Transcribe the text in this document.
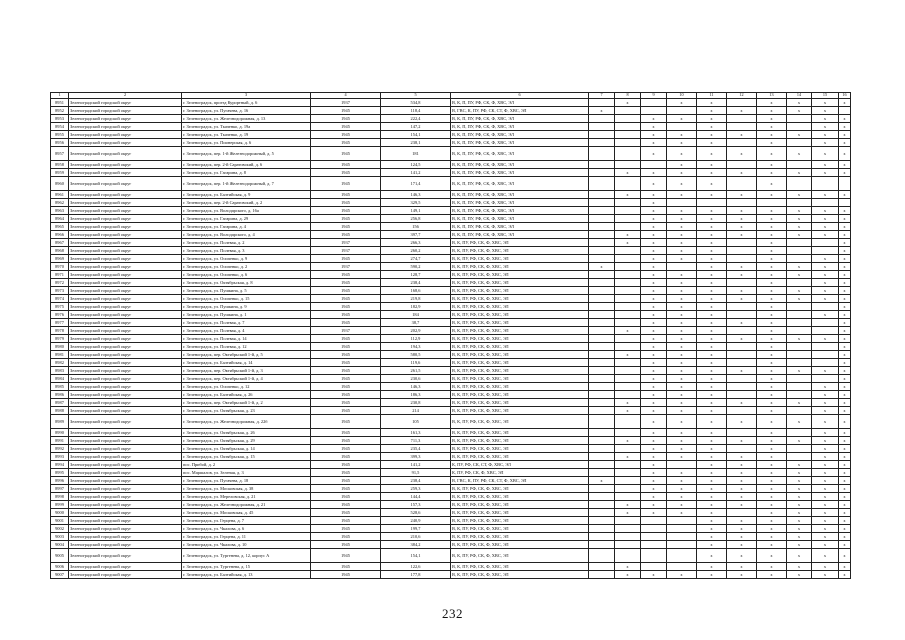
1	2	3	4	5	6	7	8	9	10	11	12	13	14	15	16
8951	Зеленоградский городской округ	г. Зеленоградск, проезд Курортный, д. 6	1937	534,8	В, К, П, ПУ, РФ, СК, Ф, ХВС, ЭЛ		x		x	x		x	x	x	x
8952	Зеленоградский городской округ	г. Зеленоградск, ул. Пугачева, д. 16	1945	118,4	В, ГВС, К, ПУ, РФ, СК, СТ, Ф, ХВС, ЭЛ	x				x	x	x	x	x	
8953	Зеленоградский городской округ	г. Зеленоградск, ул. Железнодорожная, д. 13	1945	222,4	В, К, П, ПУ, РФ, СК, Ф, ХВС, ЭЛ			x	x	x		x		x	x
8954	Зеленоградский городской округ	г. Зеленоградск, ул. Ткаченко, д. 19а	1945	147,2	В, К, П, ПУ, РФ, СК, Ф, ХВС, ЭЛ			x		x		x		x	x
8955	Зеленоградский городской округ	г. Зеленоградск, ул. Ткаченко, д. 19	1945	154,1	В, К, П, ПУ, РФ, СК, Ф, ХВС, ЭЛ			x	x	x	x	x	x	x	x
8956	Зеленоградский городской округ	г. Зеленоградск, ул. Пионерская, д. 6	1945	238,1	В, К, П, ПУ, РФ, СК, Ф, ХВС, ЭЛ			x	x	x		x		x	x
8957	Зеленоградский городской округ	г. Зеленоградск, пер. 1-й Железнодорожный, д. 5	1945	181	В, К, П, ПУ, РФ, СК, Ф, ХВС, ЭЛ			x	x	x	x	x	x	x	x
8958	Зеленоградский городской округ	г. Зеленоградск, пер. 2-й Саратовский, д. 6	1945	124,5	В, К, П, ПУ, РФ, СК, Ф, ХВС, ЭЛ				x	x		x		x	x
8959	Зеленоградский городской округ	г. Зеленоградск, ул. Гагарина, д. 8	1945	141,2	В, К, П, ПУ, РФ, СК, Ф, ХВС, ЭЛ		x	x	x	x	x	x	x	x	x
8960	Зеленоградский городской округ	г. Зеленоградск, пер. 1-й Железнодорожный, д. 7	1945	171,4	В, К, П, ПУ, РФ, СК, Ф, ХВС, ЭЛ			x	x	x		x			
8961	Зеленоградский городской округ	г. Зеленоградск, ул. Балтийская, д. 9	1945	146,3	В, К, П, ПУ, РФ, СК, Ф, ХВС, ЭЛ		x	x	x	x	x	x	x	x	x
8962	Зеленоградский городской округ	г. Зеленоградск, пер. 2-й Саратовский, д. 2	1945	329,5	В, К, П, ПУ, РФ, СК, Ф, ХВС, ЭЛ			x							
8963	Зеленоградский городской округ	г. Зеленоградск, ул. Володарского, д. 16а	1945	149,1	В, К, П, ПУ, РФ, СК, Ф, ХВС, ЭЛ			x	x	x	x	x	x	x	x
8964	Зеленоградский городской округ	г. Зеленоградск, ул. Гагарина, д. 29	1945	256,8	В, К, П, ПУ, РФ, СК, Ф, ХВС, ЭЛ			x	x	x	x	x	x	x	x
8965	Зеленоградский городской округ	г. Зеленоградск, ул. Гагарина, д. 4	1945	156	В, К, П, ПУ, РФ, СК, Ф, ХВС, ЭЛ			x	x	x	x	x	x	x	x
8966	Зеленоградский городской округ	г. Зеленоградск, ул. Володарского, д. 4	1945	397,7	В, К, П, ПУ, РФ, СК, Ф, ХВС, ЭЛ		x	x	x	x	x	x	x	x	x
8967	Зеленоградский городской округ	г. Зеленоградск, ул. Полевая, д. 2	1937	266,3	В, К, ПУ, РФ, СК, Ф, ХВС, ЭЛ		x	x	x	x		x			x
8968	Зеленоградский городской округ	г. Зеленоградск, ул. Полевая, д. 3	1937	260,2	В, К, ПУ, РФ, СК, Ф, ХВС, ЭЛ			x	x	x		x			x
8969	Зеленоградский городской округ	г. Зеленоградск, ул. Осипенко, д. 9	1945	274,7	В, К, ПУ, РФ, СК, Ф, ХВС, ЭЛ			x	x	x		x		x	x
8970	Зеленоградский городской округ	г. Зеленоградск, ул. Осипенко, д. 2	1937	590,2	В, К, ПУ, РФ, СК, Ф, ХВС, ЭЛ	x		x		x	x	x	x	x	x
8971	Зеленоградский городской округ	г. Зеленоградск, ул. Осипенко, д. 6	1945	128,7	В, К, ПУ, РФ, СК, Ф, ХВС, ЭЛ			x	x	x	x	x	x	x	x
8972	Зеленоградский городской округ	г. Зеленоградск, ул. Октябрьская, д. 8	1945	238,4	В, К, ПУ, РФ, СК, Ф, ХВС, ЭЛ			x	x	x		x		x	x
8973	Зеленоградский городской округ	г. Зеленоградск, ул. Пушкина, д. 5	1945	168,6	В, К, ПУ, РФ, СК, Ф, ХВС, ЭЛ			x	x	x	x	x	x	x	x
8974	Зеленоградский городской округ	г. Зеленоградск, ул. Осипенко, д. 15	1945	219,8	В, К, ПУ, РФ, СК, Ф, ХВС, ЭЛ			x	x	x	x	x	x	x	x
8975	Зеленоградский городской округ	г. Зеленоградск, ул. Пушкина, д. 9	1945	182,9	В, К, ПУ, РФ, СК, Ф, ХВС, ЭЛ			x	x	x		x			x
8976	Зеленоградский городской округ	г. Зеленоградск, ул. Пушкина, д. 1	1945	184	В, К, ПУ, РФ, СК, Ф, ХВС, ЭЛ			x	x	x		x		x	x
8977	Зеленоградский городской округ	г. Зеленоградск, ул. Полевая, д. 7	1945	38,7	В, К, ПУ, РФ, СК, Ф, ХВС, ЭЛ			x	x	x	x	x			x
8978	Зеленоградский городской округ	г. Зеленоградск, ул. Полевая, д. 4	1937	202,9	В, К, ПУ, РФ, СК, Ф, ХВС, ЭЛ		x	x	x	x		x			x
8979	Зеленоградский городской округ	г. Зеленоградск, ул. Полевая, д. 14	1945	112,9	В, К, ПУ, РФ, СК, Ф, ХВС, ЭЛ			x	x	x	x	x	x	x	x
8980	Зеленоградский городской округ	г. Зеленоградск, ул. Полевая, д. 12	1945	194,3	В, К, ПУ, РФ, СК, Ф, ХВС, ЭЛ			x	x	x		x			x
8981	Зеленоградский городской округ	г. Зеленоградск, пер. Октябрьский 1-й, д. 5	1945	580,5	В, К, ПУ, РФ, СК, Ф, ХВС, ЭЛ		x	x	x	x		x			x
8982	Зеленоградский городской округ	г. Зеленоградск, ул. Балтийская, д. 14	1945	119,6	В, К, ПУ, РФ, СК, Ф, ХВС, ЭЛ			x	x	x		x			x
8983	Зеленоградский городской округ	г. Зеленоградск, пер. Октябрьский 1-й, д. 3	1945	261,5	В, К, ПУ, РФ, СК, Ф, ХВС, ЭЛ			x	x	x	x	x	x	x	x
8984	Зеленоградский городской округ	г. Зеленоградск, пер. Октябрьский 1-й, д. 4	1945	230,6	В, К, ПУ, РФ, СК, Ф, ХВС, ЭЛ			x	x	x		x			x
8985	Зеленоградский городской округ	г. Зеленоградск, ул. Осипенко, д. 12	1945	146,3	В, К, ПУ, РФ, СК, Ф, ХВС, ЭЛ			x	x	x		x		x	x
8986	Зеленоградский городской округ	г. Зеленоградск, ул. Балтийская, д. 26	1945	186,3	В, К, ПУ, РФ, СК, Ф, ХВС, ЭЛ			x	x	x		x		x	x
8987	Зеленоградский городской округ	г. Зеленоградск, пер. Октябрьский 1-й, д. 2	1945	230,8	В, К, ПУ, РФ, СК, Ф, ХВС, ЭЛ		x	x	x	x	x	x	x	x	x
8988	Зеленоградский городской округ	г. Зеленоградск, ул. Октябрьская, д. 23	1945	214	В, К, ПУ, РФ, СК, Ф, ХВС, ЭЛ		x	x	x	x		x		x	x
8989	Зеленоградский городской округ	г. Зеленоградск, ул. Железнодорожная, д. 22б	1945	105	В, К, ПУ, РФ, СК, Ф, ХВС, ЭЛ			x	x	x	x	x	x	x	x
8990	Зеленоградский городской округ	г. Зеленоградск, ул. Октябрьская, д. 26	1945	161,3	В, К, ПУ, РФ, СК, Ф, ХВС, ЭЛ			x	x	x		x		x	x
8991	Зеленоградский городской округ	г. Зеленоградск, ул. Октябрьская, д. 29	1945	711,3	В, К, ПУ, РФ, СК, Ф, ХВС, ЭЛ		x	x	x	x	x	x	x	x	x
8992	Зеленоградский городской округ	г. Зеленоградск, ул. Октябрьская, д. 14	1945	235,4	В, К, ПУ, РФ, СК, Ф, ХВС, ЭЛ			x	x	x		x		x	x
8993	Зеленоградский городской округ	г. Зеленоградск, ул. Октябрьская, д. 15	1945	399,3	В, К, ПУ, РФ, СК, Ф, ХВС, ЭЛ		x	x	x	x	x	x		x	x
8994	Зеленоградский городской округ	пос. Прибой, д. 2	1945	141,2	К, ПУ, РФ, СК, СТ, Ф, ХВС, ЭЛ			x		x	x	x	x	x	x
8995	Зеленоградский городской округ	пос. Маршалов, ул. Зеленая, д. 3	1945	91,5	К, ПУ, РФ, СК, Ф, ХВС, ЭЛ			x	x	x	x	x	x	x	x
8996	Зеленоградский городской округ	г. Зеленоградск, ул. Пугачева, д. 18	1945	238,4	В, ГВС, К, ПУ, РФ, СК, СТ, Ф, ХВС, ЭЛ	x		x	x	x	x	x	x	x	x
8997	Зеленоградский городской округ	г. Зеленоградск, ул. Московская, д. 38	1945	259,3	В, К, ПУ, РФ, СК, Ф, ХВС, ЭЛ			x	x	x	x	x	x	x	x
8998	Зеленоградский городской округ	г. Зеленоградск, ул. Мереловская, д. 21	1945	144,4	В, К, ПУ, РФ, СК, Ф, ХВС, ЭЛ			x	x	x	x	x	x	x	x
8999	Зеленоградский городской округ	г. Зеленоградск, ул. Железнодорожная, д. 21	1945	157,3	В, К, ПУ, РФ, СК, Ф, ХВС, ЭЛ		x	x	x	x	x	x	x	x	x
9000	Зеленоградский городской округ	г. Зеленоградск, ул. Московская, д. 45	1945	528,6	В, К, ПУ, РФ, СК, Ф, ХВС, ЭЛ		x	x	x	x		x	x	x	x
9001	Зеленоградский городской округ	г. Зеленоградск, ул. Герцена, д. 7	1945	240,9	В, К, ПУ, РФ, СК, Ф, ХВС, ЭЛ					x	x	x	x	x	x
9002	Зеленоградский городской округ	г. Зеленоградск, ул. Чкалова, д. 6	1945	199,7	В, К, ПУ, РФ, СК, Ф, ХВС, ЭЛ					x	x	x	x	x	x
9003	Зеленоградский городской округ	г. Зеленоградск, ул. Герцена, д. 11	1945	210,6	В, К, ПУ, РФ, СК, Ф, ХВС, ЭЛ					x	x	x	x	x	x
9004	Зеленоградский городской округ	г. Зеленоградск, ул. Чкалова, д. 10	1945	384,2	В, К, ПУ, РФ, СК, Ф, ХВС, ЭЛ					x	x	x	x	x	x
9005	Зеленоградский городской округ	г. Зеленоградск, ул. Тургенева, д. 12, корпус А	1945	154,1	В, К, ПУ, РФ, СК, Ф, ХВС, ЭЛ					x	x	x	x	x	x
9006	Зеленоградский городской округ	г. Зеленоградск, ул. Тургенева, д. 15	1945	122,6	В, К, ПУ, РФ, СК, Ф, ХВС, ЭЛ		x			x	x	x	x	x	x
9007	Зеленоградский городской округ	г. Зеленоградск, ул. Балтийская, д. 13	1945	177,8	В, К, ПУ, РФ, СК, Ф, ХВС, ЭЛ		x	x	x	x	x	x	x	x	x
232
